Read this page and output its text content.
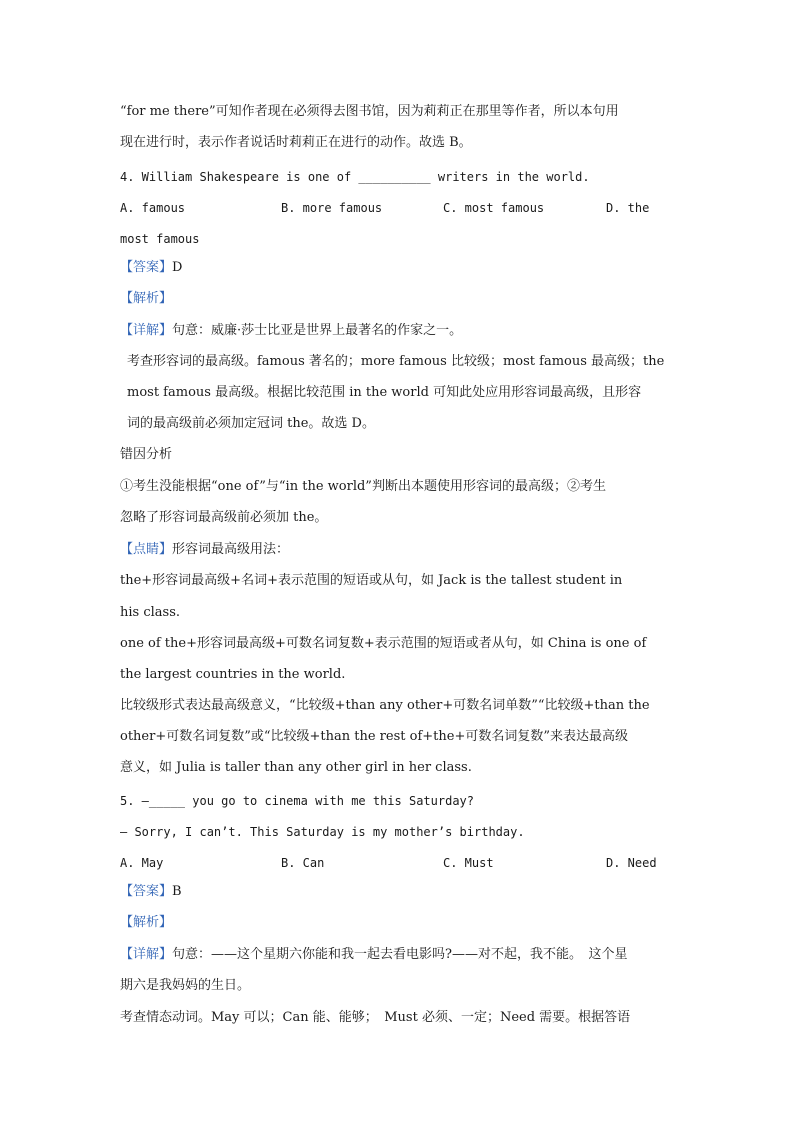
“for me there”可知作者现在必须得去图书馆，因为莉莉正在那里等作者，所以本句用
现在进行时，表示作者说话时莉莉正在进行的动作。故选 B。
4. William Shakespeare is one of __________ writers in the world.
A. famous	B. more famous	C. most famous	D. the
most famous
【答案】D
【解析】
【详解】句意：威廉·莎士比亚是世界上最著名的作家之一。
考查形容词的最高级。famous 著名的；more famous 比较级；most famous 最高级；the
most famous 最高级。根据比较范围 in the world 可知此处应用形容词最高级，且形容
词的最高级前必须加定冠词 the。故选 D。
错因分析
①考生没能根据“one of”与“in the world”判断出本题使用形容词的最高级；②考生
忽略了形容词最高级前必须加 the。
【点睛】形容词最高级用法：
the+形容词最高级+名词+表示范围的短语或从句，如 Jack is the tallest student in
his class.
one of the+形容词最高级+可数名词复数+表示范围的短语或者从句，如 China is one of
the largest countries in the world.
比较级形式表达最高级意义，“比较级+than any other+可数名词单数”“比较级+than the
other+可数名词复数”或“比较级+than the rest of+the+可数名词复数”来表达最高级
意义，如 Julia is taller than any other girl in her class.
5. —_____ you go to cinema with me this Saturday?
— Sorry, I can’t. This Saturday is my mother’s birthday.
A. May	B. Can	C. Must	D. Need
【答案】B
【解析】
【详解】句意：——这个星期六你能和我一起去看电影吗?——对不起，我不能。　这个星
期六是我妈妈的生日。
考查情态动词。May 可以；Can 能、能够；　Must 必须、一定；Need 需要。根据答语
